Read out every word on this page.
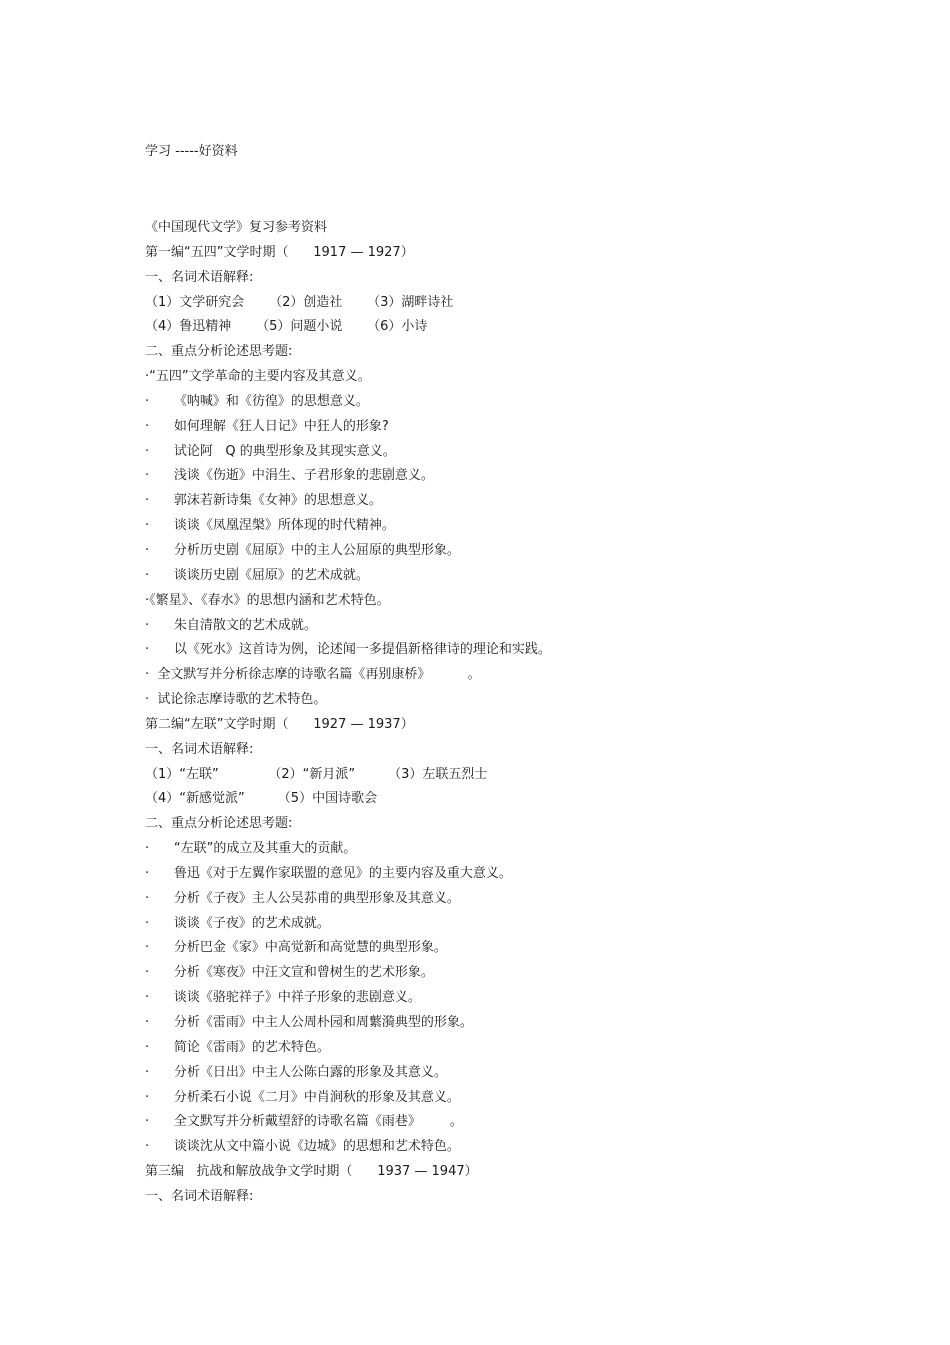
学习 -----好资料
《中国现代文学》复习参考资料
第一编“五四”文学时期（      1917 — 1927）
一、名词术语解释:
（1）文学研究会      （2）创造社      （3）湖畔诗社
（4）鲁迅精神      （5）问题小说      （6）小诗
二、重点分析论述思考题:
·“五四”文学革命的主要内容及其意义。
·      《呐喊》和《彷徨》的思想意义。
·      如何理解《狂人日记》中狂人的形象?
·      试论阿   Q 的典型形象及其现实意义。
·      浅谈《伤逝》中涓生、子君形象的悲剧意义。
·      郭沫若新诗集《女神》的思想意义。
·      谈谈《凤凰涅槃》所体现的时代精神。
·      分析历史剧《屈原》中的主人公屈原的典型形象。
·      谈谈历史剧《屈原》的艺术成就。
·《繁星》、《春水》的思想内涵和艺术特色。
·      朱自清散文的艺术成就。
·      以《死水》这首诗为例，论述闻一多提倡新格律诗的理论和实践。
·  全文默写并分析徐志摩的诗歌名篇《再别康桥》         。
·  试论徐志摩诗歌的艺术特色。
第二编“左联”文学时期（      1927 — 1937）
一、名词术语解释:
（1）“左联”            （2）“新月派”        （3）左联五烈士
（4）“新感觉派”        （5）中国诗歌会
二、重点分析论述思考题:
·      “左联”的成立及其重大的贡献。
·      鲁迅《对于左翼作家联盟的意见》的主要内容及重大意义。
·      分析《子夜》主人公吴荪甫的典型形象及其意义。
·      谈谈《子夜》的艺术成就。
·      分析巴金《家》中高觉新和高觉慧的典型形象。
·      分析《寒夜》中汪文宣和曾树生的艺术形象。
·      谈谈《骆驼祥子》中祥子形象的悲剧意义。
·      分析《雷雨》中主人公周朴园和周蘩漪典型的形象。
·      简论《雷雨》的艺术特色。
·      分析《日出》中主人公陈白露的形象及其意义。
·      分析柔石小说《二月》中肖涧秋的形象及其意义。
·      全文默写并分析戴望舒的诗歌名篇《雨巷》       。
·      谈谈沈从文中篇小说《边城》的思想和艺术特色。
第三编   抗战和解放战争文学时期（      1937 — 1947）
一、名词术语解释:
